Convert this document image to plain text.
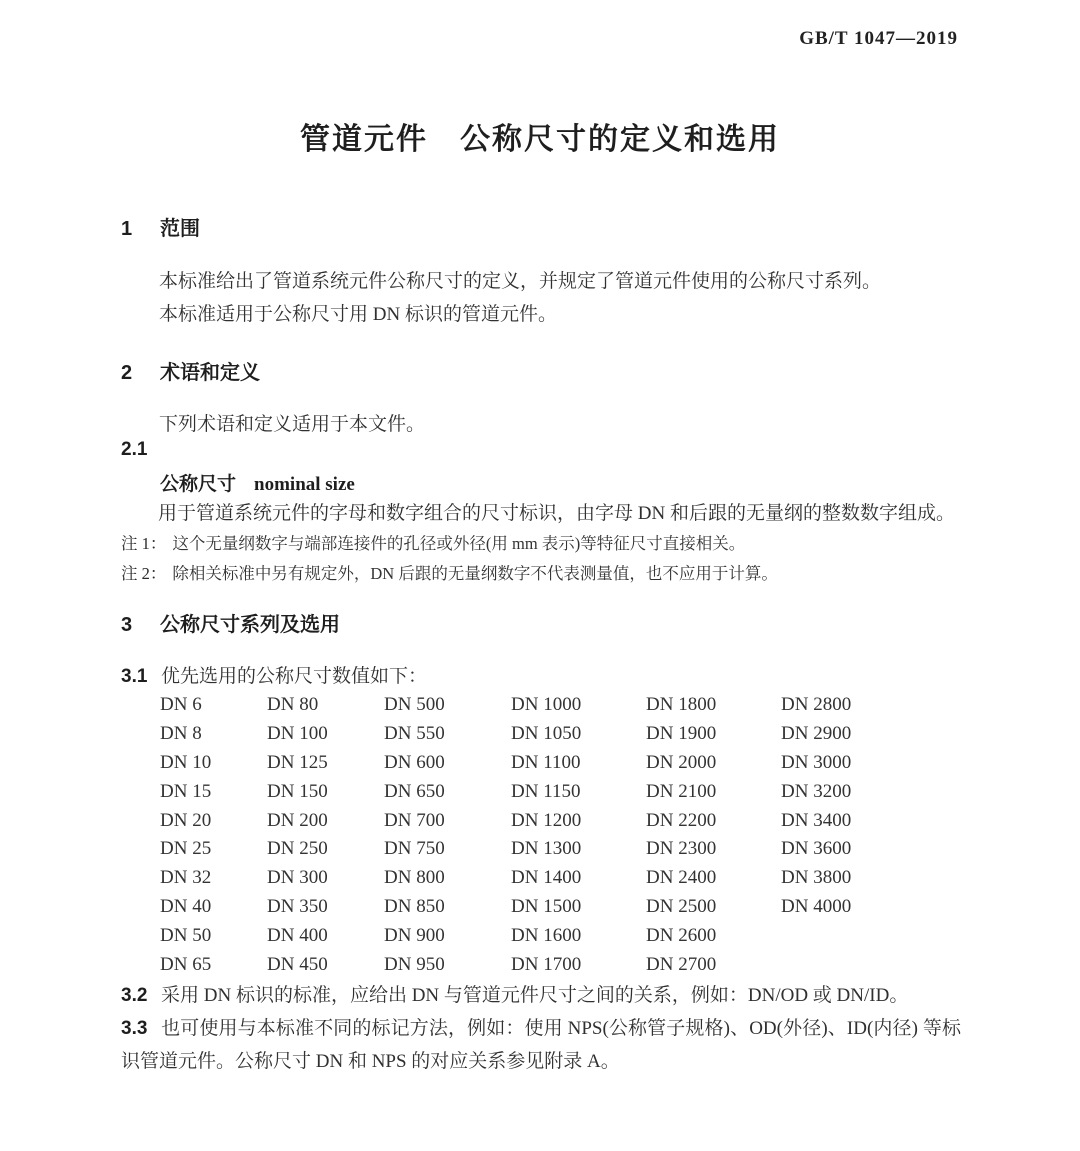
GB/T 1047—2019
管道元件　公称尺寸的定义和选用
1 范围

本标准给出了管道系统元件公称尺寸的定义，并规定了管道元件使用的公称尺寸系列。

本标准适用于公称尺寸用 DN 标识的管道元件。

2 术语和定义

下列术语和定义适用于本文件。

2.1
公称尺寸 nominal size

用于管道系统元件的字母和数字组合的尺寸标识，由字母 DN 和后跟的无量纲的整数数字组成。

注 1： 这个无量纲数字与端部连接件的孔径或外径(用 mm 表示)等特征尺寸直接相关。

注 2： 除相关标准中另有规定外，DN 后跟的无量纲数字不代表测量值，也不应用于计算。

3 公称尺寸系列及选用

3.1 优先选用的公称尺寸数值如下：

DN 6	DN 80	DN 500	DN 1000	DN 1800	DN 2800
DN 8	DN 100	DN 550	DN 1050	DN 1900	DN 2900
DN 10	DN 125	DN 600	DN 1100	DN 2000	DN 3000
DN 15	DN 150	DN 650	DN 1150	DN 2100	DN 3200
DN 20	DN 200	DN 700	DN 1200	DN 2200	DN 3400
DN 25	DN 250	DN 750	DN 1300	DN 2300	DN 3600
DN 32	DN 300	DN 800	DN 1400	DN 2400	DN 3800
DN 40	DN 350	DN 850	DN 1500	DN 2500	DN 4000
DN 50	DN 400	DN 900	DN 1600	DN 2600
DN 65	DN 450	DN 950	DN 1700	DN 2700

3.2 采用 DN 标识的标准，应给出 DN 与管道元件尺寸之间的关系，例如：DN/OD 或 DN/ID。

3.3 也可使用与本标准不同的标记方法，例如：使用 NPS(公称管子规格)、OD(外径)、ID(内径) 等标识管道元件。公称尺寸 DN 和 NPS 的对应关系参见附录 A。
